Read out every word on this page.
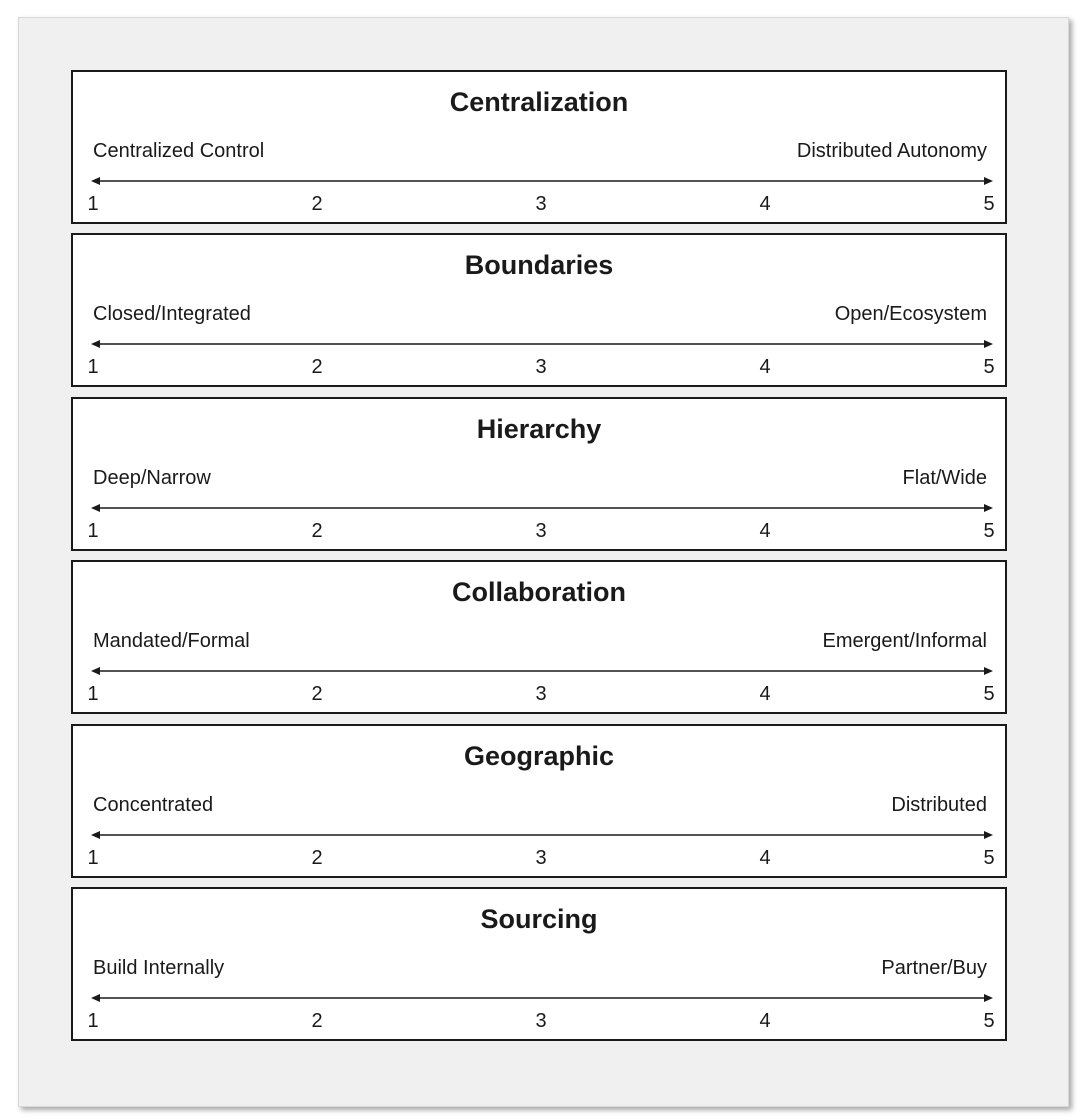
Centralization
Centralized Control	Distributed Autonomy
1	2	3	4	5
Boundaries
Closed/Integrated	Open/Ecosystem
1	2	3	4	5
Hierarchy
Deep/Narrow	Flat/Wide
1	2	3	4	5
Collaboration
Mandated/Formal	Emergent/Informal
1	2	3	4	5
Geographic
Concentrated	Distributed
1	2	3	4	5
Sourcing
Build Internally	Partner/Buy
1	2	3	4	5
